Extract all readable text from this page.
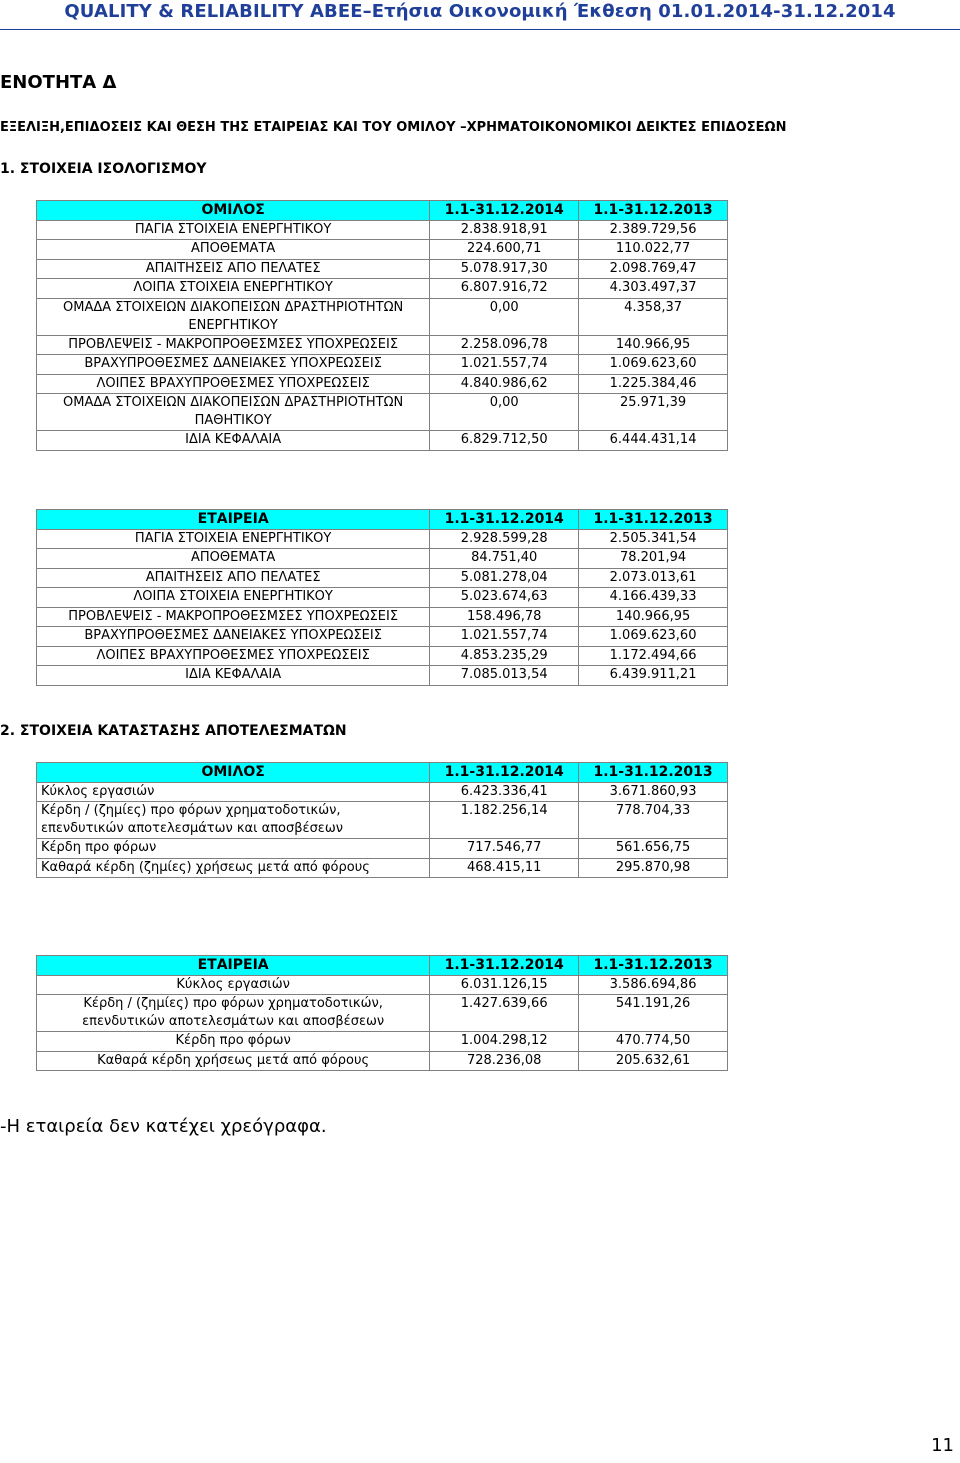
QUALITY & RELIABILITY ΑΒΕΕ–Ετήσια Οικονομική Έκθεση 01.01.2014-31.12.2014
ΕΝΟΤΗΤΑ Δ
ΕΞΕΛΙΞΗ,ΕΠΙΔΟΣΕΙΣ ΚΑΙ ΘΕΣΗ ΤΗΣ ΕΤΑΙΡΕΙΑΣ ΚΑΙ ΤΟΥ ΟΜΙΛΟΥ –ΧΡΗΜΑΤΟΙΚΟΝΟΜΙΚΟΙ ΔΕΙΚΤΕΣ ΕΠΙΔΟΣΕΩΝ
1. ΣΤΟΙΧΕΙΑ ΙΣΟΛΟΓΙΣΜΟΥ
ΟΜΙΛΟΣ	1.1-31.12.2014	1.1-31.12.2013
ΠΑΓΙΑ ΣΤΟΙΧΕΙΑ ΕΝΕΡΓΗΤΙΚΟΥ	2.838.918,91	2.389.729,56
ΑΠΟΘΕΜΑΤΑ	224.600,71	110.022,77
ΑΠΑΙΤΗΣΕΙΣ ΑΠΟ ΠΕΛΑΤΕΣ	5.078.917,30	2.098.769,47
ΛΟΙΠΑ ΣΤΟΙΧΕΙΑ ΕΝΕΡΓΗΤΙΚΟΥ	6.807.916,72	4.303.497,37
ΟΜΑΔΑ ΣΤΟΙΧΕΙΩΝ ΔΙΑΚΟΠΕΙΣΩΝ ΔΡΑΣΤΗΡΙΟΤΗΤΩΝ ΕΝΕΡΓΗΤΙΚΟΥ	0,00	4.358,37
ΠΡΟΒΛΕΨΕΙΣ - ΜΑΚΡΟΠΡΟΘΕΣΜΣΕΣ ΥΠΟΧΡΕΩΣΕΙΣ	2.258.096,78	140.966,95
ΒΡΑΧΥΠΡΟΘΕΣΜΕΣ ΔΑΝΕΙΑΚΕΣ ΥΠΟΧΡΕΩΣΕΙΣ	1.021.557,74	1.069.623,60
ΛΟΙΠΕΣ ΒΡΑΧΥΠΡΟΘΕΣΜΕΣ ΥΠΟΧΡΕΩΣΕΙΣ	4.840.986,62	1.225.384,46
ΟΜΑΔΑ ΣΤΟΙΧΕΙΩΝ ΔΙΑΚΟΠΕΙΣΩΝ ΔΡΑΣΤΗΡΙΟΤΗΤΩΝ ΠΑΘΗΤΙΚΟΥ	0,00	25.971,39
ΙΔΙΑ ΚΕΦΑΛΑΙΑ	6.829.712,50	6.444.431,14
ΕΤΑΙΡΕΙΑ	1.1-31.12.2014	1.1-31.12.2013
ΠΑΓΙΑ ΣΤΟΙΧΕΙΑ ΕΝΕΡΓΗΤΙΚΟΥ	2.928.599,28	2.505.341,54
ΑΠΟΘΕΜΑΤΑ	84.751,40	78.201,94
ΑΠΑΙΤΗΣΕΙΣ ΑΠΟ ΠΕΛΑΤΕΣ	5.081.278,04	2.073.013,61
ΛΟΙΠΑ ΣΤΟΙΧΕΙΑ ΕΝΕΡΓΗΤΙΚΟΥ	5.023.674,63	4.166.439,33
ΠΡΟΒΛΕΨΕΙΣ - ΜΑΚΡΟΠΡΟΘΕΣΜΣΕΣ ΥΠΟΧΡΕΩΣΕΙΣ	158.496,78	140.966,95
ΒΡΑΧΥΠΡΟΘΕΣΜΕΣ ΔΑΝΕΙΑΚΕΣ ΥΠΟΧΡΕΩΣΕΙΣ	1.021.557,74	1.069.623,60
ΛΟΙΠΕΣ ΒΡΑΧΥΠΡΟΘΕΣΜΕΣ ΥΠΟΧΡΕΩΣΕΙΣ	4.853.235,29	1.172.494,66
ΙΔΙΑ ΚΕΦΑΛΑΙΑ	7.085.013,54	6.439.911,21
2. ΣΤΟΙΧΕΙΑ ΚΑΤΑΣΤΑΣΗΣ ΑΠΟΤΕΛΕΣΜΑΤΩΝ
ΟΜΙΛΟΣ	1.1-31.12.2014	1.1-31.12.2013
Κύκλος εργασιών	6.423.336,41	3.671.860,93
Κέρδη / (ζημίες) προ φόρων χρηματοδοτικών, επενδυτικών αποτελεσμάτων και αποσβέσεων	1.182.256,14	778.704,33
Κέρδη προ φόρων	717.546,77	561.656,75
Καθαρά κέρδη (ζημίες) χρήσεως μετά από φόρους	468.415,11	295.870,98
ΕΤΑΙΡΕΙΑ	1.1-31.12.2014	1.1-31.12.2013
Κύκλος εργασιών	6.031.126,15	3.586.694,86
Κέρδη / (ζημίες) προ φόρων χρηματοδοτικών, επενδυτικών αποτελεσμάτων και αποσβέσεων	1.427.639,66	541.191,26
Κέρδη προ φόρων	1.004.298,12	470.774,50
Καθαρά κέρδη χρήσεως μετά από φόρους	728.236,08	205.632,61
-Η εταιρεία δεν κατέχει χρεόγραφα.
11
